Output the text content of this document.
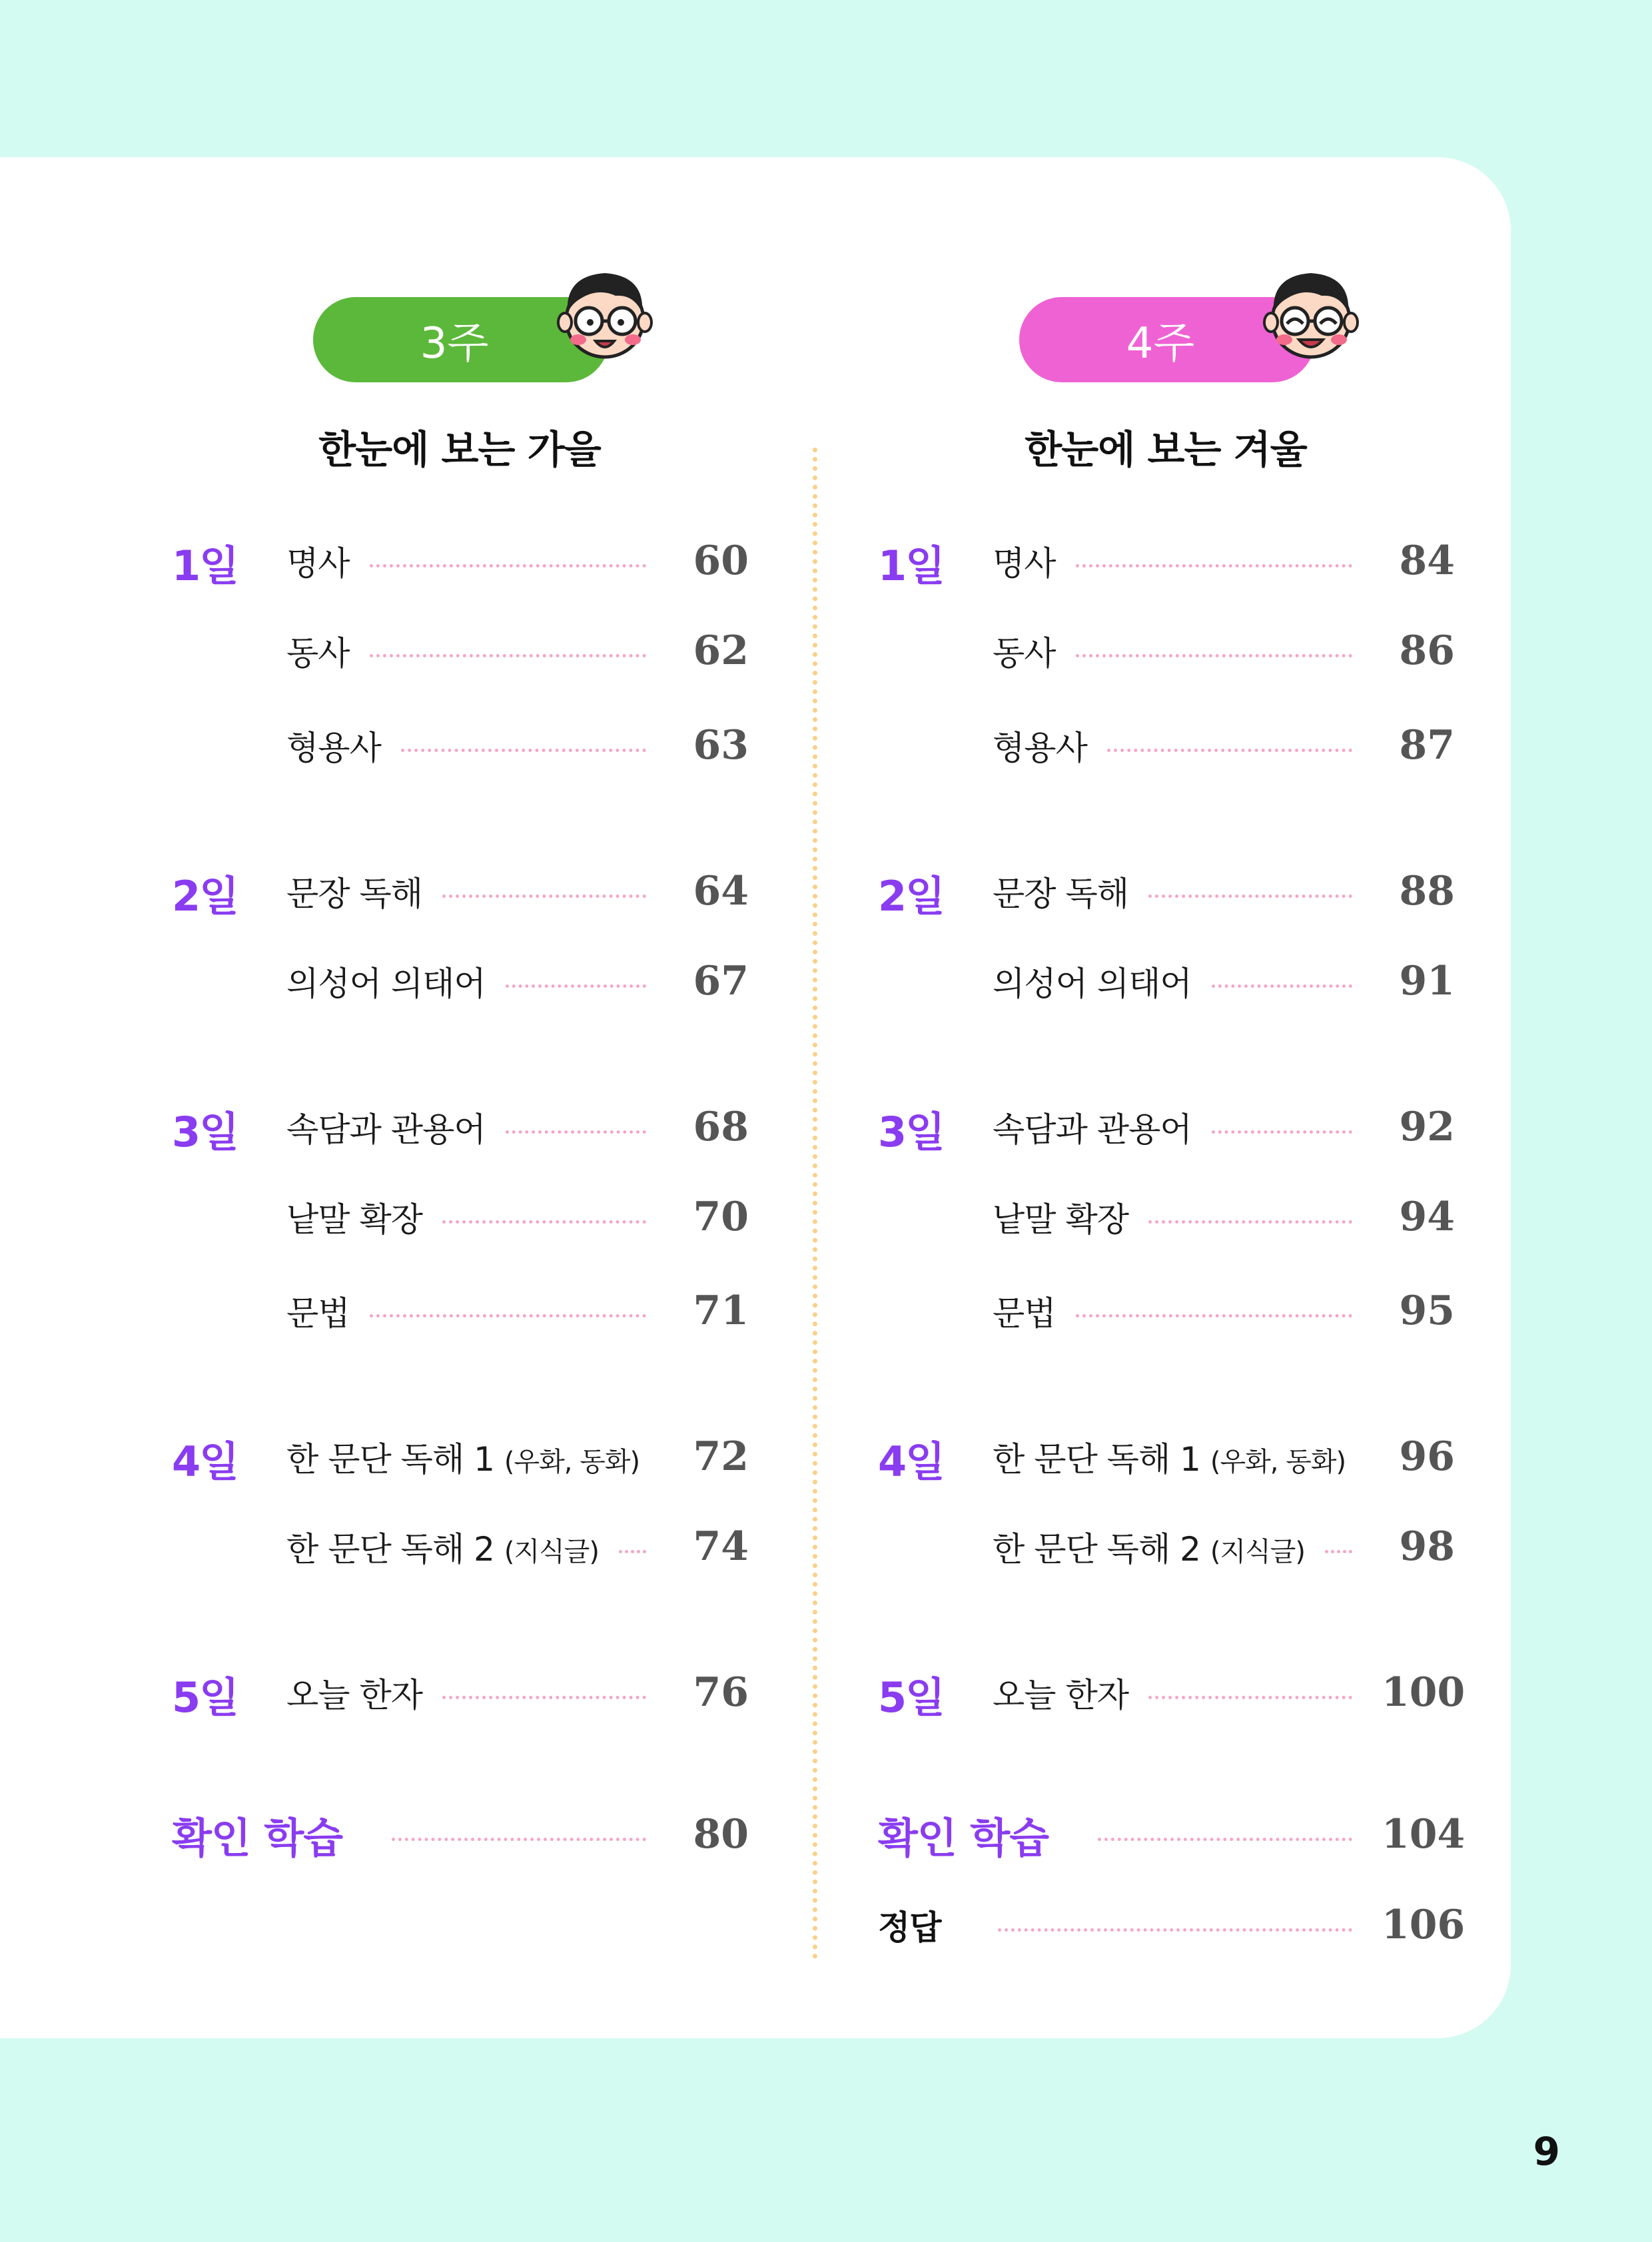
3주
한눈에 보는 가을
1일 명사	60
동사	62
형용사	63
2일 문장 독해	64
의성어 의태어	67
3일 속담과 관용어	68
낱말 확장	70
문법	71
4일 한 문단 독해 1 (우화, 동화)	72
한 문단 독해 2 (지식글)	74
5일 오늘 한자	76
확인 학습	80
4주
한눈에 보는 겨울
1일 명사	84
동사	86
형용사	87
2일 문장 독해	88
의성어 의태어	91
3일 속담과 관용어	92
낱말 확장	94
문법	95
4일 한 문단 독해 1 (우화, 동화)	96
한 문단 독해 2 (지식글)	98
5일 오늘 한자	100
확인 학습	104
정답	106
9
